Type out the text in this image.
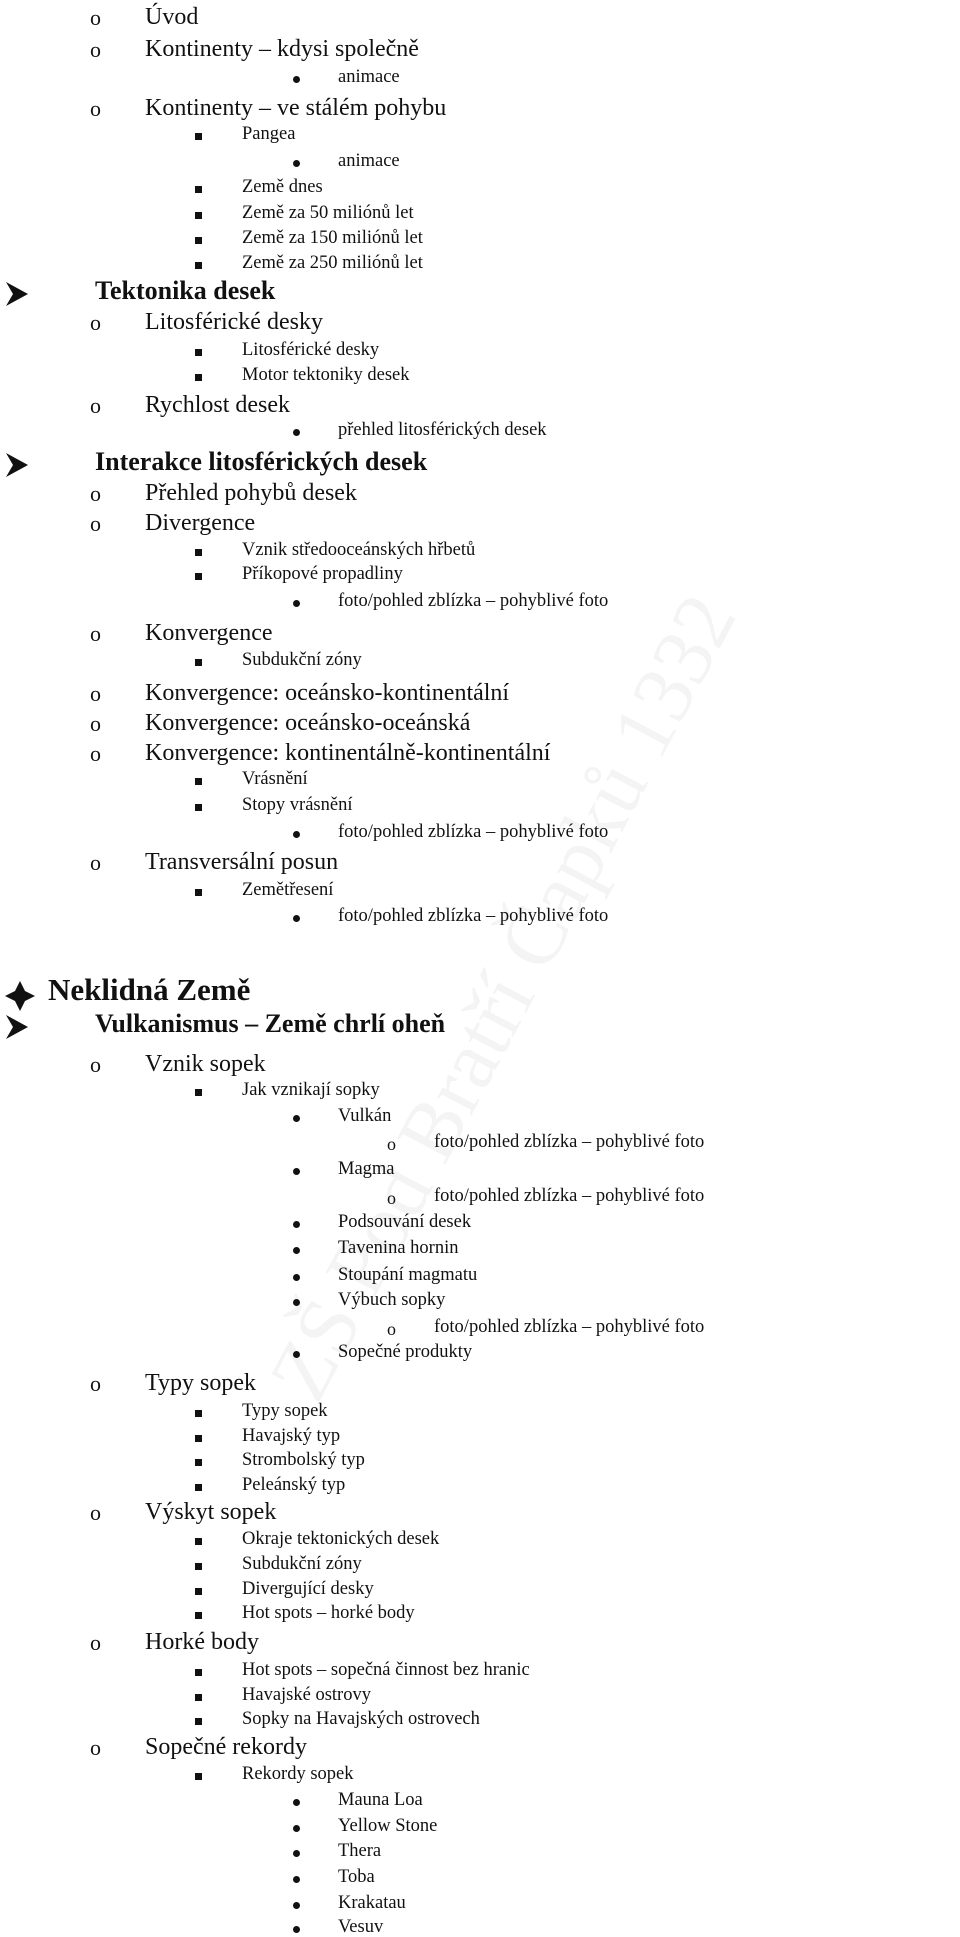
o Úvod
o Kontinenty – kdysi společně
animace
o Kontinenty – ve stálém pohybu
Pangea
animace
Země dnes
Země za 50 miliónů let
Země za 150 miliónů let
Země za 250 miliónů let
Tektonika desek
o Litosférické desky
Litosférické desky
Motor tektoniky desek
o Rychlost desek
přehled litosférických desek
Interakce litosférických desek
o Přehled pohybů desek
o Divergence
Vznik středooceánských hřbetů
Příkopové propadliny
foto/pohled zblízka – pohyblivé foto
o Konvergence
Subdukční zóny
o Konvergence: oceánsko-kontinentální
o Konvergence: oceánsko-oceánská
o Konvergence: kontinentálně-kontinentální
Vrásnění
Stopy vrásnění
foto/pohled zblízka – pohyblivé foto
o Transversální posun
Zemětřesení
foto/pohled zblízka – pohyblivé foto
Neklidná Země
Vulkanismus – Země chrlí oheň
o Vznik sopek
Jak vznikají sopky
Vulkán
o foto/pohled zblízka – pohyblivé foto
Magma
o foto/pohled zblízka – pohyblivé foto
Podsouvání desek
Tavenina hornin
Stoupání magmatu
Výbuch sopky
o foto/pohled zblízka – pohyblivé foto
Sopečné produkty
o Typy sopek
Typy sopek
Havajský typ
Strombolský typ
Peleánský typ
o Výskyt sopek
Okraje tektonických desek
Subdukční zóny
Divergující desky
Hot spots – horké body
o Horké body
Hot spots – sopečná činnost bez hranic
Havajské ostrovy
Sopky na Havajských ostrovech
o Sopečné rekordy
Rekordy sopek
Mauna Loa
Yellow Stone
Thera
Toba
Krakatau
Vesuv
